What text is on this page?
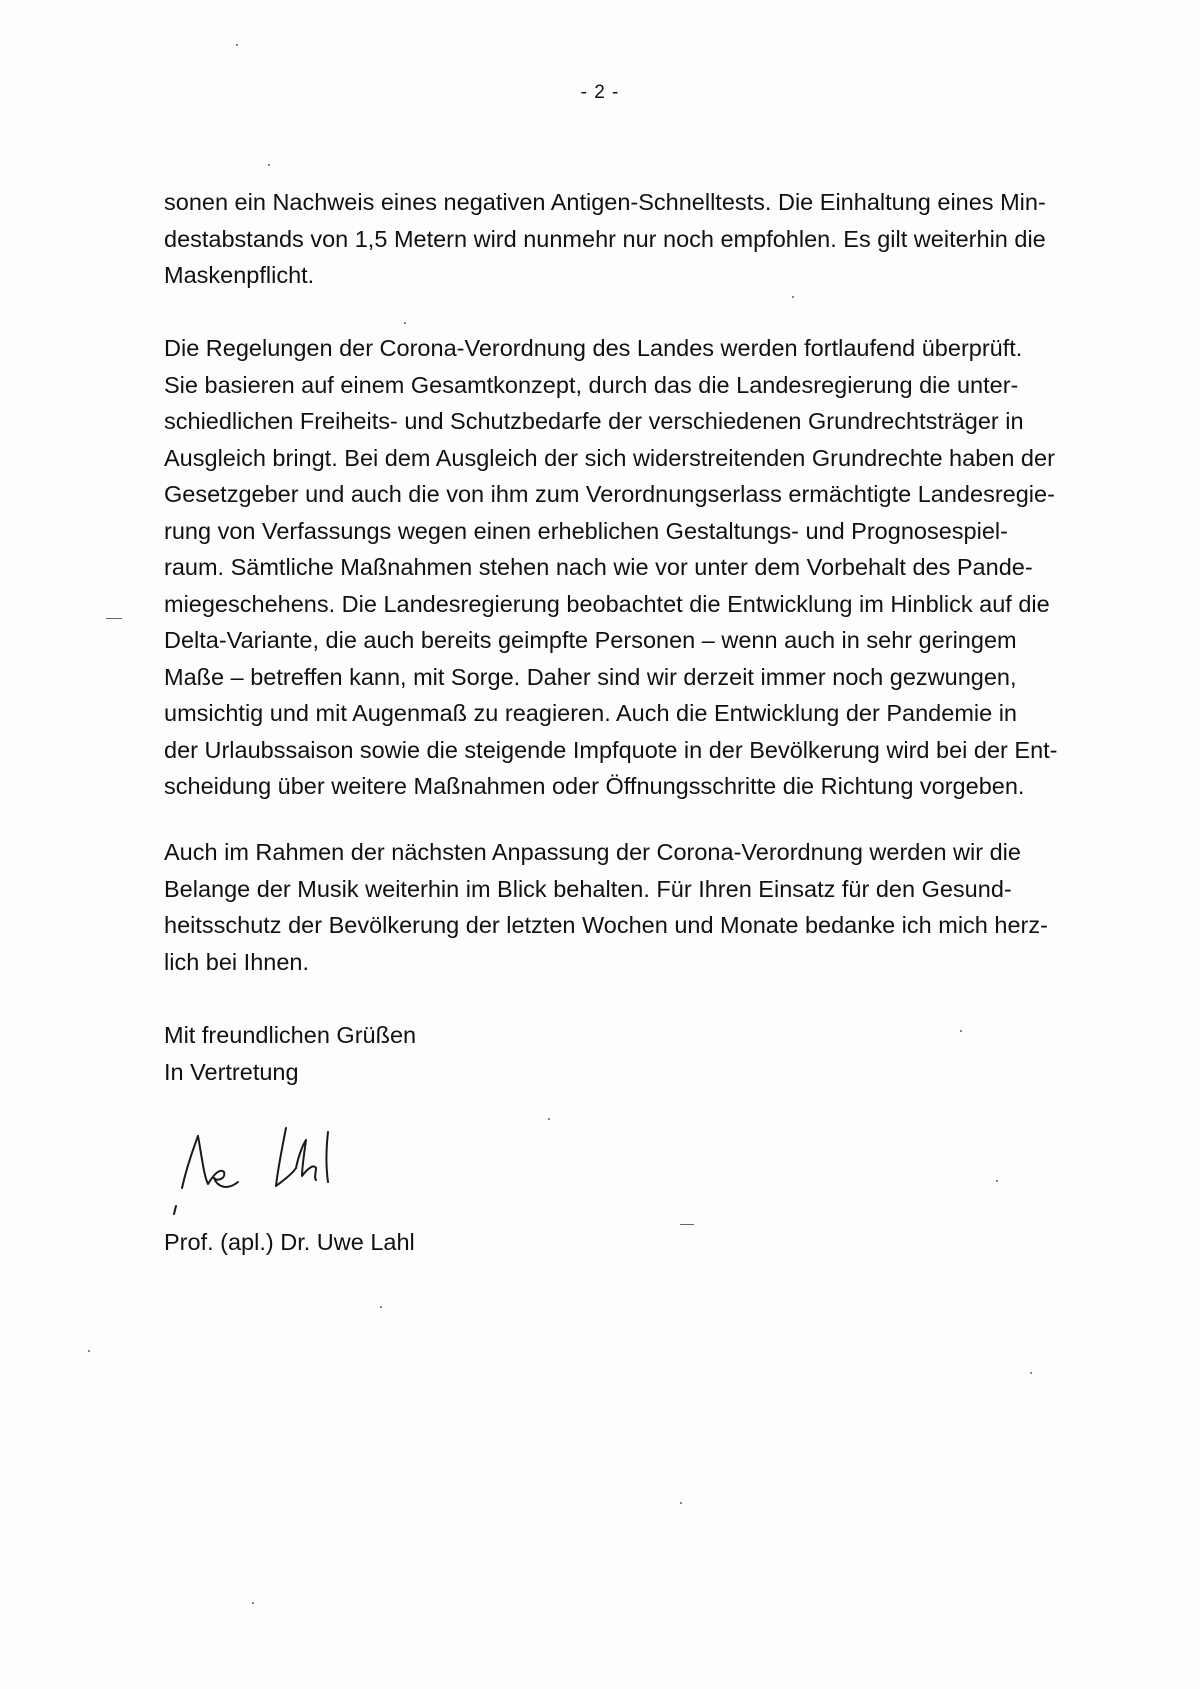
- 2 -

sonen ein Nachweis eines negativen Antigen-Schnelltests. Die Einhaltung eines Min-
destabstands von 1,5 Metern wird nunmehr nur noch empfohlen. Es gilt weiterhin die
Maskenpflicht.

Die Regelungen der Corona-Verordnung des Landes werden fortlaufend überprüft.
Sie basieren auf einem Gesamtkonzept, durch das die Landesregierung die unter-
schiedlichen Freiheits- und Schutzbedarfe der verschiedenen Grundrechtsträger in
Ausgleich bringt. Bei dem Ausgleich der sich widerstreitenden Grundrechte haben der
Gesetzgeber und auch die von ihm zum Verordnungserlass ermächtigte Landesregie-
rung von Verfassungs wegen einen erheblichen Gestaltungs- und Prognosespiel-
raum. Sämtliche Maßnahmen stehen nach wie vor unter dem Vorbehalt des Pande-
miegeschehens. Die Landesregierung beobachtet die Entwicklung im Hinblick auf die
Delta-Variante, die auch bereits geimpfte Personen – wenn auch in sehr geringem
Maße – betreffen kann, mit Sorge. Daher sind wir derzeit immer noch gezwungen,
umsichtig und mit Augenmaß zu reagieren. Auch die Entwicklung der Pandemie in
der Urlaubssaison sowie die steigende Impfquote in der Bevölkerung wird bei der Ent-
scheidung über weitere Maßnahmen oder Öffnungsschritte die Richtung vorgeben.

Auch im Rahmen der nächsten Anpassung der Corona-Verordnung werden wir die
Belange der Musik weiterhin im Blick behalten. Für Ihren Einsatz für den Gesund-
heitsschutz der Bevölkerung der letzten Wochen und Monate bedanke ich mich herz-
lich bei Ihnen.

Mit freundlichen Grüßen
In Vertretung

Prof. (apl.) Dr. Uwe Lahl
